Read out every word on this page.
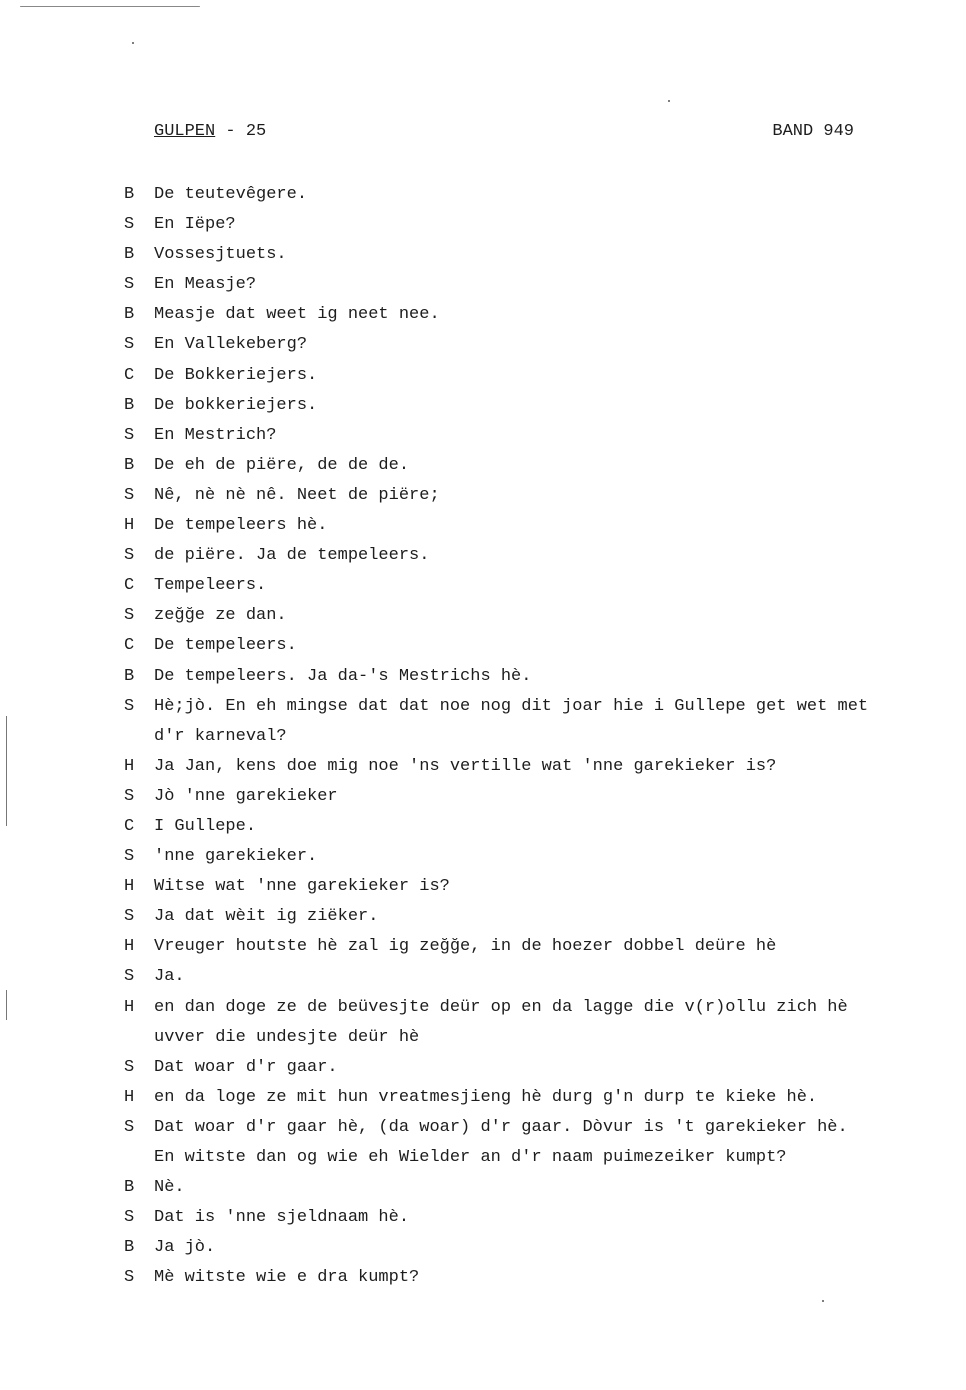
GULPEN - 25	BAND 949
B	De teutevêgere.
S	En Iëpe?
B	Vossesjtuets.
S	En Measje?
B	Measje dat weet ig neet nee.
S	En Vallekeberg?
C	De Bokkeriejers.
B	De bokkeriejers.
S	En Mestrich?
B	De eh de piëre, de de de.
S	Nê, nè nè nê. Neet de piëre;
H	De tempeleers hè.
S	de piëre. Ja de tempeleers.
C	Tempeleers.
S	zeğğe ze dan.
C	De tempeleers.
B	De tempeleers. Ja da-'s Mestrichs hè.
S	Hè;jò. En eh mingse dat dat noe nog dit joar hie i Gullepe get wet met
d'r karneval?
H	Ja Jan, kens doe mig noe 'ns vertille wat 'nne garekieker is?
S	Jò 'nne garekieker
C	I Gullepe.
S	'nne garekieker.
H	Witse wat 'nne garekieker is?
S	Ja dat wèit ig ziëker.
H	Vreuger houtste hè zal ig zeğğe, in de hoezer dobbel deüre hè
S	Ja.
H	en dan doge ze de beüvesjte deür op en da lagge die v(r)ollu zich hè
uvver die undesjte deür hè
S	Dat woar d'r gaar.
H	en da loge ze mit hun vreatmesjieng hè durg g'n durp te kieke hè.
S	Dat woar d'r gaar hè, (da woar) d'r gaar. Dòvur is 't garekieker hè.
En witste dan og wie eh Wielder an d'r naam puimezeiker kumpt?
B	Nè.
S	Dat is 'nne sjeldnaam hè.
B	Ja jò.
S	Mè witste wie e dra kumpt?
